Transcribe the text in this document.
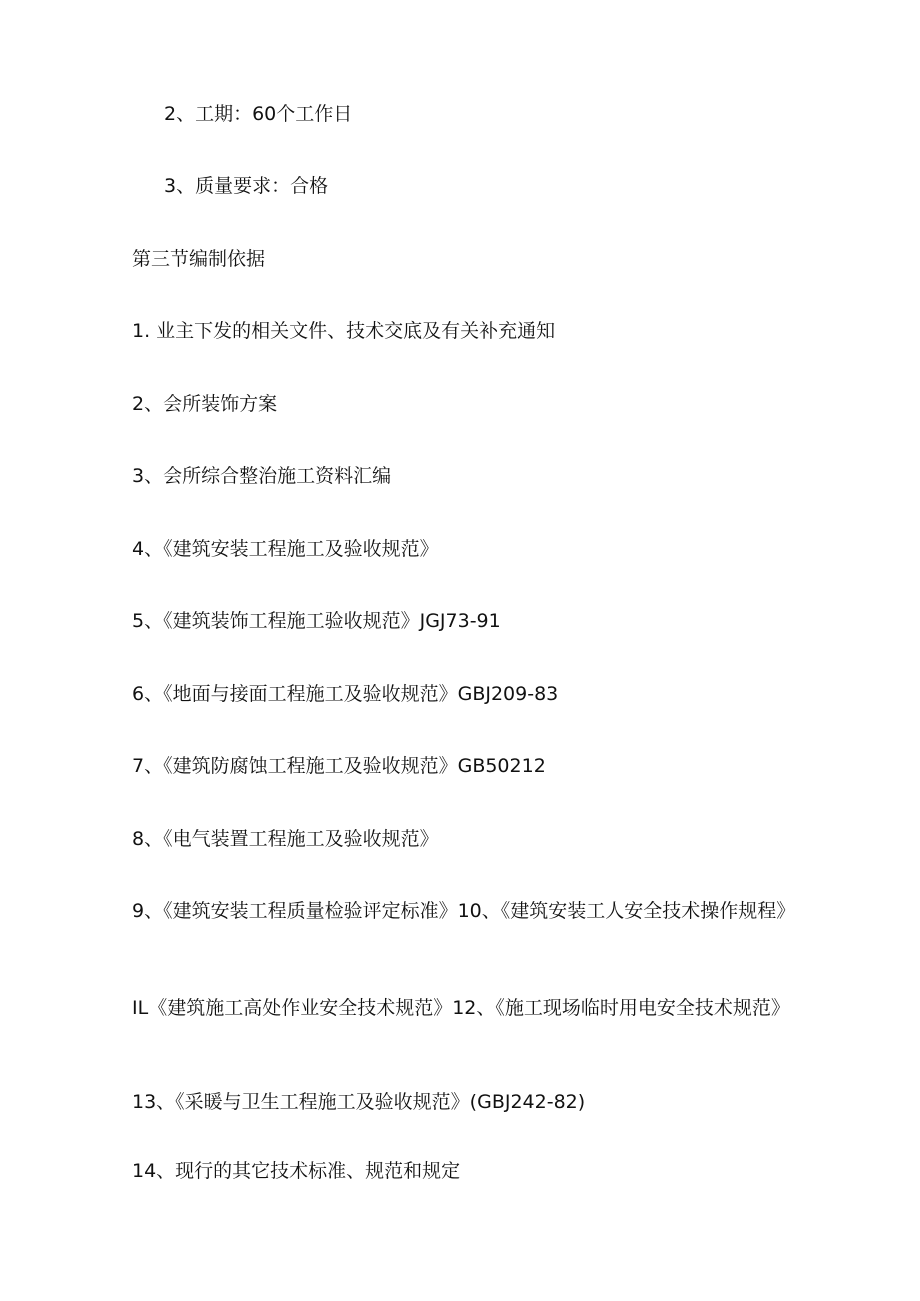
2、工期：60个工作日
3、质量要求：合格
第三节编制依据
1. 业主下发的相关文件、技术交底及有关补充通知
2、会所装饰方案
3、会所综合整治施工资料汇编
4、《建筑安装工程施工及验收规范》
5、《建筑装饰工程施工验收规范》JGJ73-91
6、《地面与接面工程施工及验收规范》GBJ209-83
7、《建筑防腐蚀工程施工及验收规范》GB50212
8、《电气装置工程施工及验收规范》
9、《建筑安装工程质量检验评定标准》10、《建筑安装工人安全技术操作规程》
IL《建筑施工高处作业安全技术规范》12、《施工现场临时用电安全技术规范》
13、《采暖与卫生工程施工及验收规范》(GBJ242-82)
14、现行的其它技术标准、规范和规定
